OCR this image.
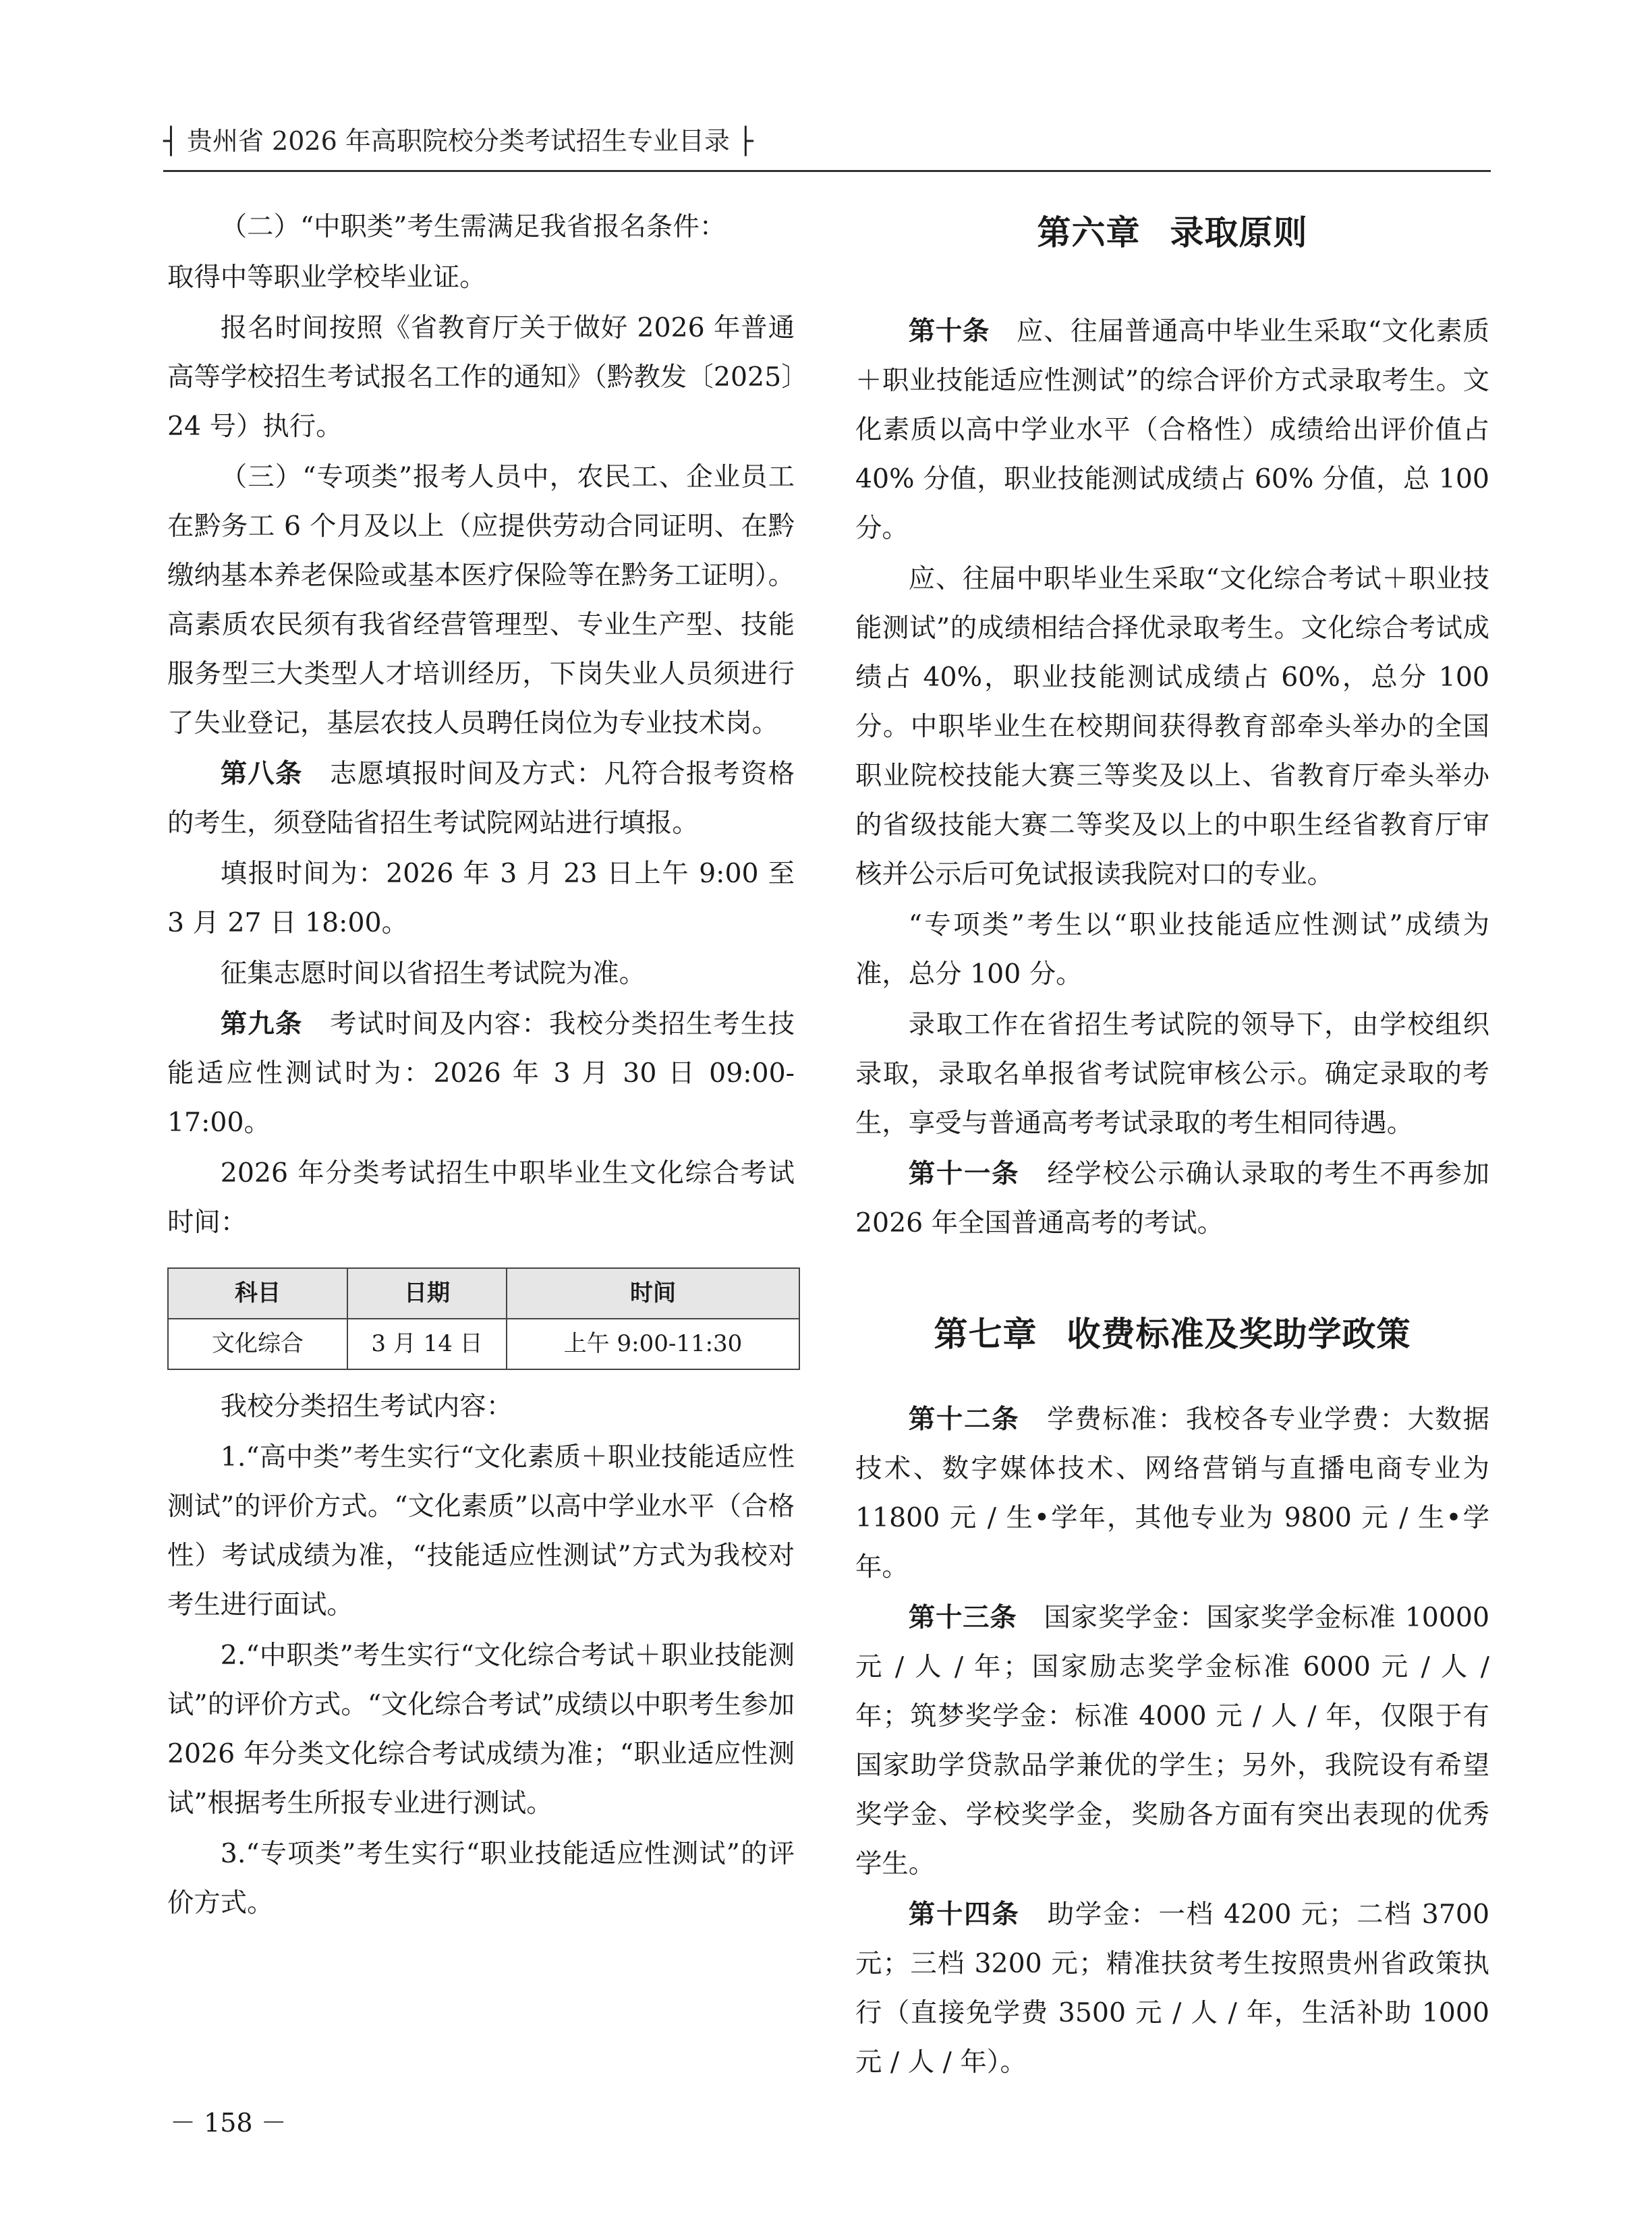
┤ 贵州省 2026 年高职院校分类考试招生专业目录 ├

（二）“中职类”考生需满足我省报名条件：

取得中等职业学校毕业证。

报名时间按照《省教育厅关于做好 2026 年普通高等学校招生考试报名工作的通知》（黔教发〔2025〕24 号）执行。

（三）“专项类”报考人员中，农民工、企业员工在黔务工 6 个月及以上（应提供劳动合同证明、在黔缴纳基本养老保险或基本医疗保险等在黔务工证明）。高素质农民须有我省经营管理型、专业生产型、技能服务型三大类型人才培训经历，下岗失业人员须进行了失业登记，基层农技人员聘任岗位为专业技术岗。

第八条  志愿填报时间及方式：凡符合报考资格的考生，须登陆省招生考试院网站进行填报。

填报时间为：2026 年 3 月 23 日上午 9:00 至 3 月 27 日 18:00。

征集志愿时间以省招生考试院为准。

第九条  考试时间及内容：我校分类招生考生技能适应性测试时为：2026 年 3 月 30 日 09:00-17:00。

2026 年分类考试招生中职毕业生文化综合考试时间：

科目	日期	时间
文化综合	3 月 14 日	上午 9:00-11:30

我校分类招生考试内容：

1.“高中类”考生实行“文化素质＋职业技能适应性测试”的评价方式。“文化素质”以高中学业水平（合格性）考试成绩为准，“技能适应性测试”方式为我校对考生进行面试。

2.“中职类”考生实行“文化综合考试＋职业技能测试”的评价方式。“文化综合考试”成绩以中职考生参加 2026 年分类文化综合考试成绩为准；“职业适应性测试”根据考生所报专业进行测试。

3.“专项类”考生实行“职业技能适应性测试”的评价方式。

第六章 录取原则

第十条  应、往届普通高中毕业生采取“文化素质＋职业技能适应性测试”的综合评价方式录取考生。文化素质以高中学业水平（合格性）成绩给出评价值占 40% 分值，职业技能测试成绩占 60% 分值，总 100 分。

应、往届中职毕业生采取“文化综合考试＋职业技能测试”的成绩相结合择优录取考生。文化综合考试成绩占 40%，职业技能测试成绩占 60%，总分 100 分。中职毕业生在校期间获得教育部牵头举办的全国职业院校技能大赛三等奖及以上、省教育厅牵头举办的省级技能大赛二等奖及以上的中职生经省教育厅审核并公示后可免试报读我院对口的专业。

“专项类”考生以“职业技能适应性测试”成绩为准，总分 100 分。

录取工作在省招生考试院的领导下，由学校组织录取，录取名单报省考试院审核公示。确定录取的考生，享受与普通高考考试录取的考生相同待遇。

第十一条  经学校公示确认录取的考生不再参加 2026 年全国普通高考的考试。

第七章 收费标准及奖助学政策

第十二条  学费标准：我校各专业学费：大数据技术、数字媒体技术、网络营销与直播电商专业为 11800 元 / 生•学年，其他专业为 9800 元 / 生•学年。

第十三条  国家奖学金：国家奖学金标准 10000 元 / 人 / 年；国家励志奖学金标准 6000 元 / 人 / 年；筑梦奖学金：标准 4000 元 / 人 / 年，仅限于有国家助学贷款品学兼优的学生；另外，我院设有希望奖学金、学校奖学金，奖励各方面有突出表现的优秀学生。

第十四条  助学金：一档 4200 元；二档 3700 元；三档 3200 元；精准扶贫考生按照贵州省政策执行（直接免学费 3500 元 / 人 / 年，生活补助 1000 元 / 人 / 年）。

－ 158 －
